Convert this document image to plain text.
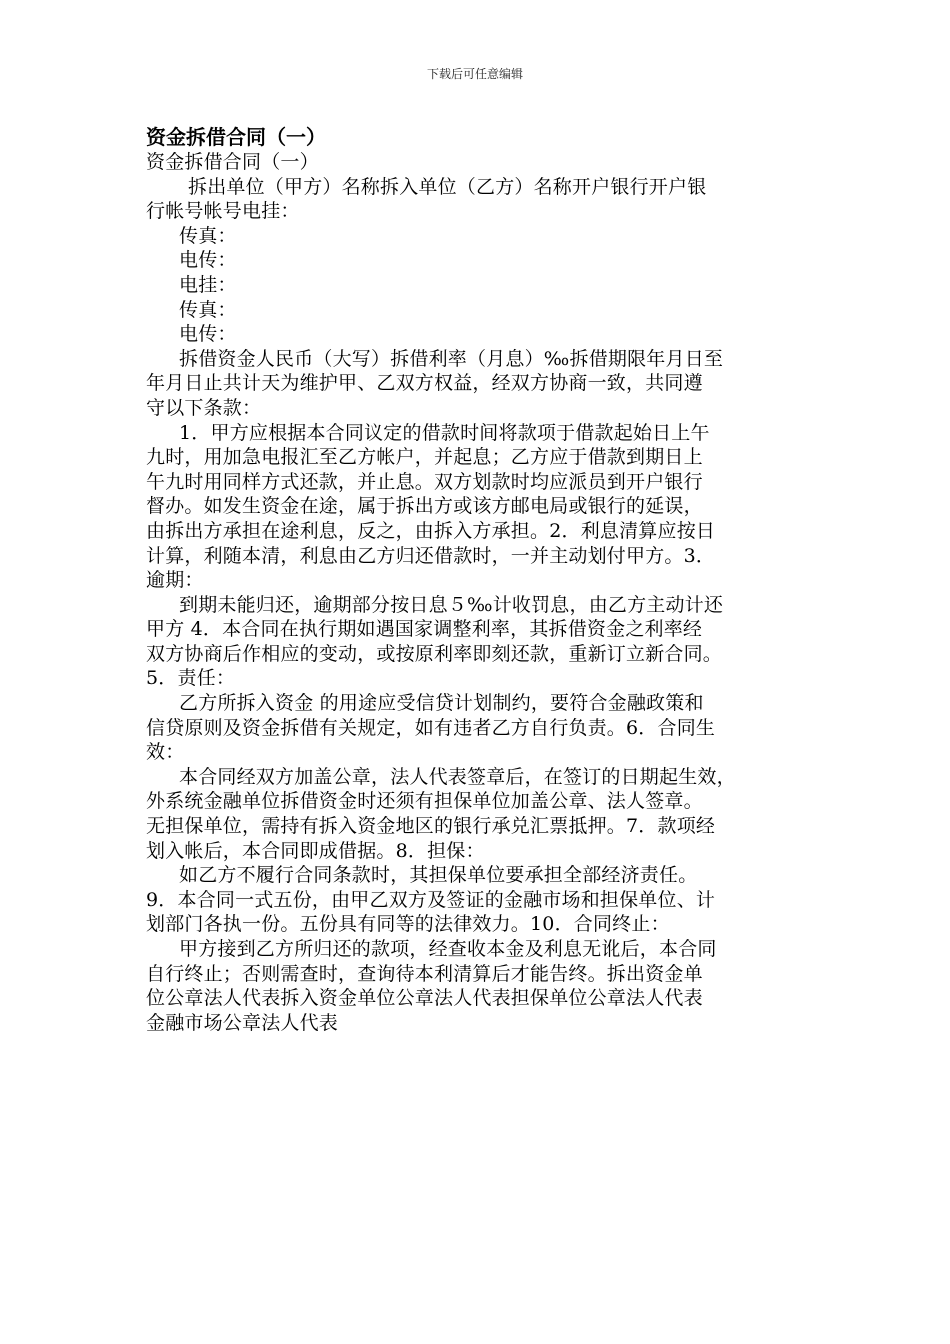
下载后可任意编辑
资金拆借合同（一）
资金拆借合同（一）
拆出单位（甲方）名称拆入单位（乙方）名称开户银行开户银
行帐号帐号电挂：
传真：
电传：
电挂：
传真：
电传：
拆借资金人民币（大写）拆借利率（月息）‰拆借期限年月日至
年月日止共计天为维护甲、乙双方权益，经双方协商一致，共同遵
守以下条款：
1．甲方应根据本合同议定的借款时间将款项于借款起始日上午
九时，用加急电报汇至乙方帐户，并起息；乙方应于借款到期日上
午九时用同样方式还款，并止息。双方划款时均应派员到开户银行
督办。如发生资金在途，属于拆出方或该方邮电局或银行的延误，
由拆出方承担在途利息，反之，由拆入方承担。2．利息清算应按日
计算，利随本清，利息由乙方归还借款时，一并主动划付甲方。3．
逾期：
到期未能归还，逾期部分按日息５‰计收罚息，由乙方主动计还
甲方 4．本合同在执行期如遇国家调整利率，其拆借资金之利率经
双方协商后作相应的变动，或按原利率即刻还款，重新订立新合同。
5．责任：
乙方所拆入资金 的用途应受信贷计划制约，要符合金融政策和
信贷原则及资金拆借有关规定，如有违者乙方自行负责。6．合同生
效：
本合同经双方加盖公章，法人代表签章后，在签订的日期起生效，
外系统金融单位拆借资金时还须有担保单位加盖公章、法人签章。
无担保单位，需持有拆入资金地区的银行承兑汇票抵押。7．款项经
划入帐后，本合同即成借据。8．担保：
如乙方不履行合同条款时，其担保单位要承担全部经济责任。
9．本合同一式五份，由甲乙双方及签证的金融市场和担保单位、计
划部门各执一份。五份具有同等的法律效力。10．合同终止：
甲方接到乙方所归还的款项，经查收本金及利息无讹后，本合同
自行终止；否则需查时，查询待本利清算后才能告终。拆出资金单
位公章法人代表拆入资金单位公章法人代表担保单位公章法人代表
金融市场公章法人代表
